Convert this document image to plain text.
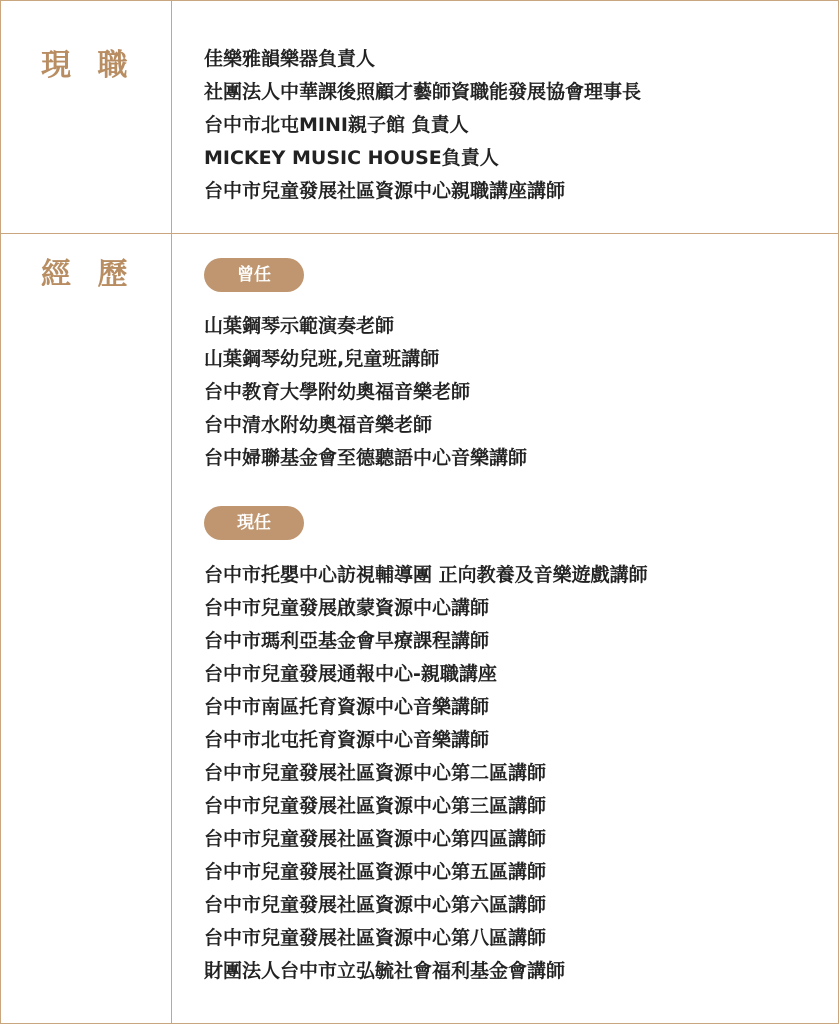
現 職	佳樂雅韻樂器負責人
社團法人中華課後照顧才藝師資職能發展協會理事長
台中市北屯MINI親子館 負責人
MICKEY MUSIC HOUSE負責人
台中市兒童發展社區資源中心親職講座講師
經 歷	曾任
山葉鋼琴示範演奏老師
山葉鋼琴幼兒班,兒童班講師
台中教育大學附幼奧福音樂老師
台中清水附幼奧福音樂老師
台中婦聯基金會至德聽語中心音樂講師
現任
台中市托嬰中心訪視輔導團 正向教養及音樂遊戲講師
台中市兒童發展啟蒙資源中心講師
台中市瑪利亞基金會早療課程講師
台中市兒童發展通報中心-親職講座
台中市南區托育資源中心音樂講師
台中市北屯托育資源中心音樂講師
台中市兒童發展社區資源中心第二區講師
台中市兒童發展社區資源中心第三區講師
台中市兒童發展社區資源中心第四區講師
台中市兒童發展社區資源中心第五區講師
台中市兒童發展社區資源中心第六區講師
台中市兒童發展社區資源中心第八區講師
財團法人台中市立弘毓社會福利基金會講師
